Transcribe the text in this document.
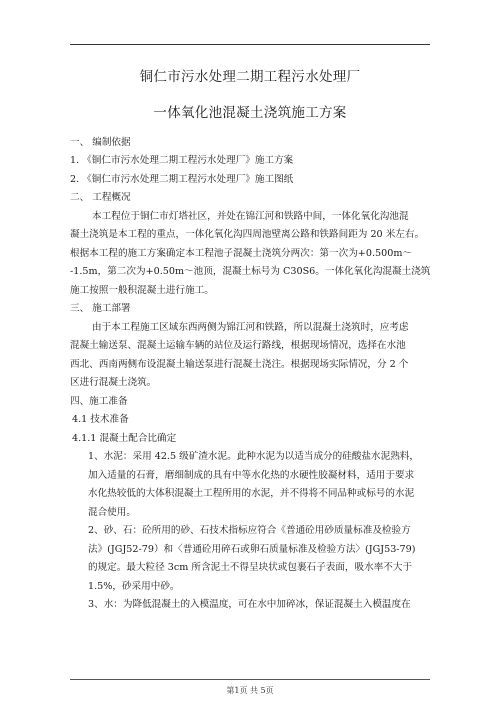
铜仁市污水处理二期工程污水处理厂
一体氧化池混凝土浇筑施工方案
一、 编制依据
1. 《铜仁市污水处理二期工程污水处理厂》施工方案
2. 《铜仁市污水处理二期工程污水处理厂》施工图纸
二、 工程概况
本工程位于铜仁市灯塔社区，并处在锦江河和铁路中间，一体化氧化沟池混
凝土浇筑是本工程的重点，一体化氧化沟四周池壁离公路和铁路间距为 20 米左右。
根据本工程的施工方案确定本工程池子混凝土浇筑分两次：第一次为+0.500m～
-1.5m，第二次为+0.50m～池顶，混凝土标号为 C30S6。一体化氧化沟混凝土浇筑
施工按照一般积混凝土进行施工。
三、 施工部署
由于本工程施工区域东西两侧为锦江河和铁路，所以混凝土浇筑时，应考虑
混凝土输送泵、混凝土运输车辆的站位及运行路线，根据现场情况，选择在水池
西北、西南两侧布设混凝土输送泵进行混凝土浇注。根据现场实际情况，分 2 个
区进行混凝土浇筑。
四、施工准备
4.1 技术准备
4.1.1 混凝土配合比确定
1、水泥：采用 42.5 级矿渣水泥。此种水泥为以适当成分的硅酸盐水泥熟料，
加入适量的石膏，磨细制成的具有中等水化热的水硬性胶凝材料，适用于要求
水化热较低的大体积混凝土工程所用的水泥，并不得将不同品种或标号的水泥
混合使用。
2、砂、石：砼所用的砂、石技术指标应符合《普通砼用砂质量标准及检验方
法》(JGJ52-79）和〈普通砼用碎石或卵石质量标准及检验方法〉(JGJ53-79)
的规定。最大粒径 3cm 所含泥土不得呈块状或包裹石子表面，吸水率不大于
1.5%，砂采用中砂。
3、水：为降低混凝土的入模温度，可在水中加碎冰，保证混凝土入模温度在
第1页 共 5页
